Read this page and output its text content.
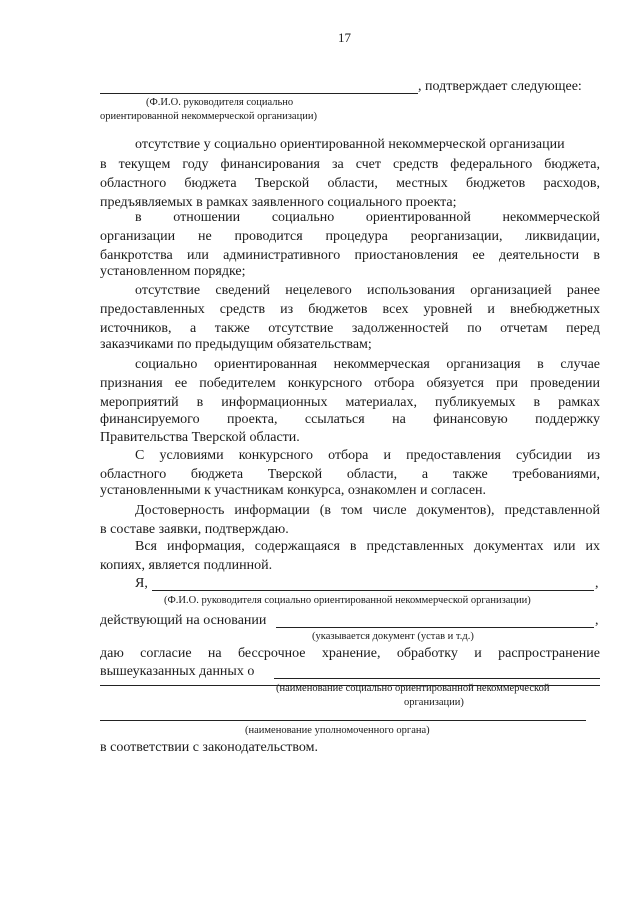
17
, подтверждает следующее:
(Ф.И.О. руководителя социально
ориентированной некоммерческой организации)
отсутствие у социально ориентированной некоммерческой организации
в текущем году финансирования за счет средств федерального бюджета,
областного бюджета Тверской области, местных бюджетов расходов,
предъявляемых в рамках заявленного социального проекта;
в отношении социально ориентированной некоммерческой
организации не проводится процедура реорганизации, ликвидации,
банкротства или административного приостановления ее деятельности в
установленном порядке;
отсутствие сведений нецелевого использования организацией ранее
предоставленных средств из бюджетов всех уровней и внебюджетных
источников, а также отсутствие задолженностей по отчетам перед
заказчиками по предыдущим обязательствам;
социально ориентированная некоммерческая организация в случае
признания ее победителем конкурсного отбора обязуется при проведении
мероприятий в информационных материалах, публикуемых в рамках
финансируемого проекта, ссылаться на финансовую поддержку
Правительства Тверской области.
С условиями конкурсного отбора и предоставления субсидии из
областного бюджета Тверской области, а также требованиями,
установленными к участникам конкурса, ознакомлен и согласен.
Достоверность информации (в том числе документов), представленной
в составе заявки, подтверждаю.
Вся информация, содержащаяся в представленных документах или их
копиях, является подлинной.
Я,	,
(Ф.И.О. руководителя социально ориентированной некоммерческой организации)
действующий на основании	,
(указывается документ (устав и т.д.)
даю согласие на бессрочное хранение, обработку и распространение
вышеуказанных данных о
(наименование социально ориентированной некоммерческой
организации)
(наименование уполномоченного органа)
в соответствии с законодательством.
